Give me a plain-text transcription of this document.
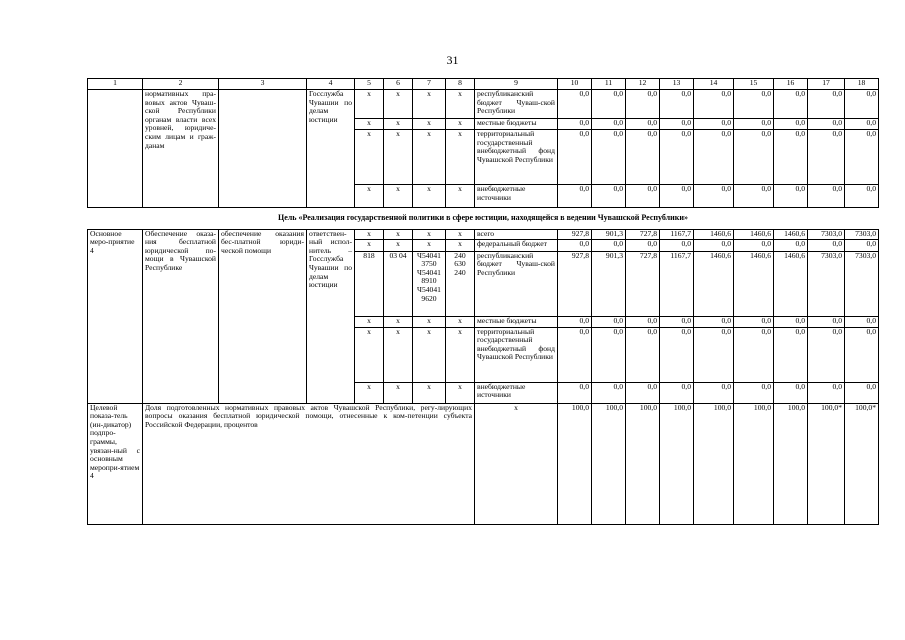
31
1	2	3	4	5	6	7	8	9	10	11	12	13	14	15	16	17	18
	нормативных пра-вовых актов Чуваш-ской Республики органам власти всех уровней, юридиче-ским лицам и граж-данам		Госслужба Чувашии по делам юстиции	x	x	x	x	республиканский бюджет Чуваш-ской Республики	0,0	0,0	0,0	0,0	0,0	0,0	0,0	0,0	0,0
				x	x	x	x	местные бюджеты	0,0	0,0	0,0	0,0	0,0	0,0	0,0	0,0	0,0
				x	x	x	x	территориальный государственный внебюджетный фонд Чувашской Республики	0,0	0,0	0,0	0,0	0,0	0,0	0,0	0,0	0,0
				x	x	x	x	внебюджетные источники	0,0	0,0	0,0	0,0	0,0	0,0	0,0	0,0	0,0
Цель «Реализация государственной политики в сфере юстиции, находящейся в ведении Чувашской Республики»																	
Основное меро-приятие 4	Обеспечение оказа-ния бесплатной юридической по-мощи в Чувашской Республике	обеспечение оказания бес-платной юриди-ческой помощи	ответствен-ный испол-нитель – Госслужба Чувашии по делам юстиции	x	x	x	x	всего	927,8	901,3	727,8	1167,7	1460,6	1460,6	1460,6	7303,0	7303,0
				x	x	x	x	федеральный бюджет	0,0	0,0	0,0	0,0	0,0	0,0	0,0	0,0	0,0
				818	03 04	Ч54041 3750 Ч54041 8910 Ч54041 9620	240 630 240	республиканский бюджет Чуваш-ской Республики	927,8	901,3	727,8	1167,7	1460,6	1460,6	1460,6	7303,0	7303,0
				x	x	x	x	местные бюджеты	0,0	0,0	0,0	0,0	0,0	0,0	0,0	0,0	0,0
				x	x	x	x	территориальный государственный внебюджетный фонд Чувашской Республики	0,0	0,0	0,0	0,0	0,0	0,0	0,0	0,0	0,0
				x	x	x	x	внебюджетные источники	0,0	0,0	0,0	0,0	0,0	0,0	0,0	0,0	0,0
Целевой показа-тель (ин-дикатор) подпро-граммы, увязан-ный с основным меропри-ятием 4	Доля подготовленных нормативных правовых актов Чувашской Республики, регу-лирующих вопросы оказания бесплатной юридической помощи, отнесенные к ком-петенции субъекта Российской Федерации, процентов							x	100,0	100,0	100,0	100,0	100,0	100,0	100,0	100,0*	100,0*
